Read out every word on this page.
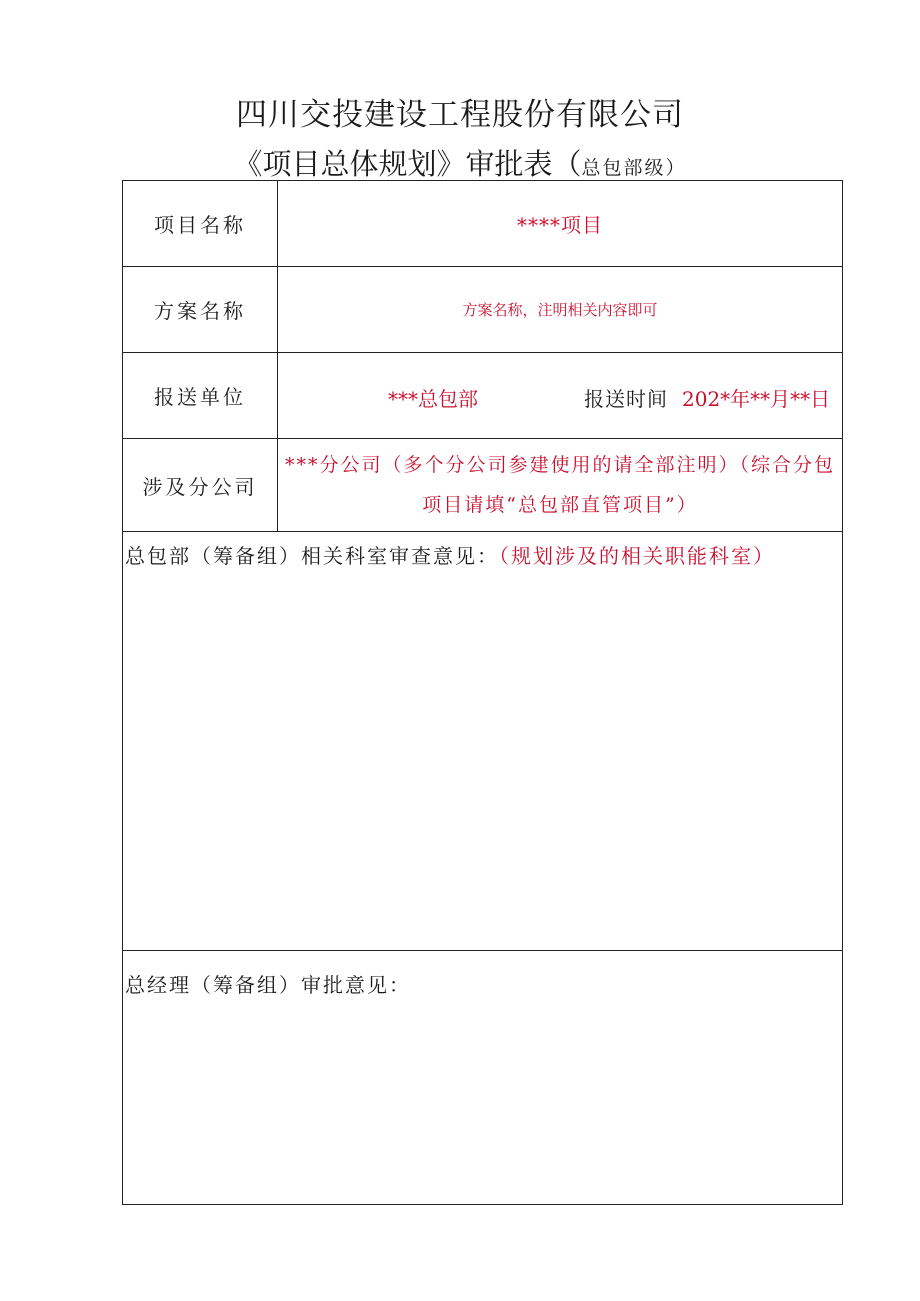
四川交投建设工程股份有限公司
《项目总体规划》审批表（总包部级）
项目名称	****项目
方案名称	方案名称，注明相关内容即可
报送单位	***总包部 报送时间 202*年**月**日

涉及分公司	***分公司（多个分公司参建使用的请全部注明）（综合分包项目请填“总包部直管项目”）

总包部（筹备组）相关科室审查意见：（规划涉及的相关职能科室）	

总经理（筹备组）审批意见：	
